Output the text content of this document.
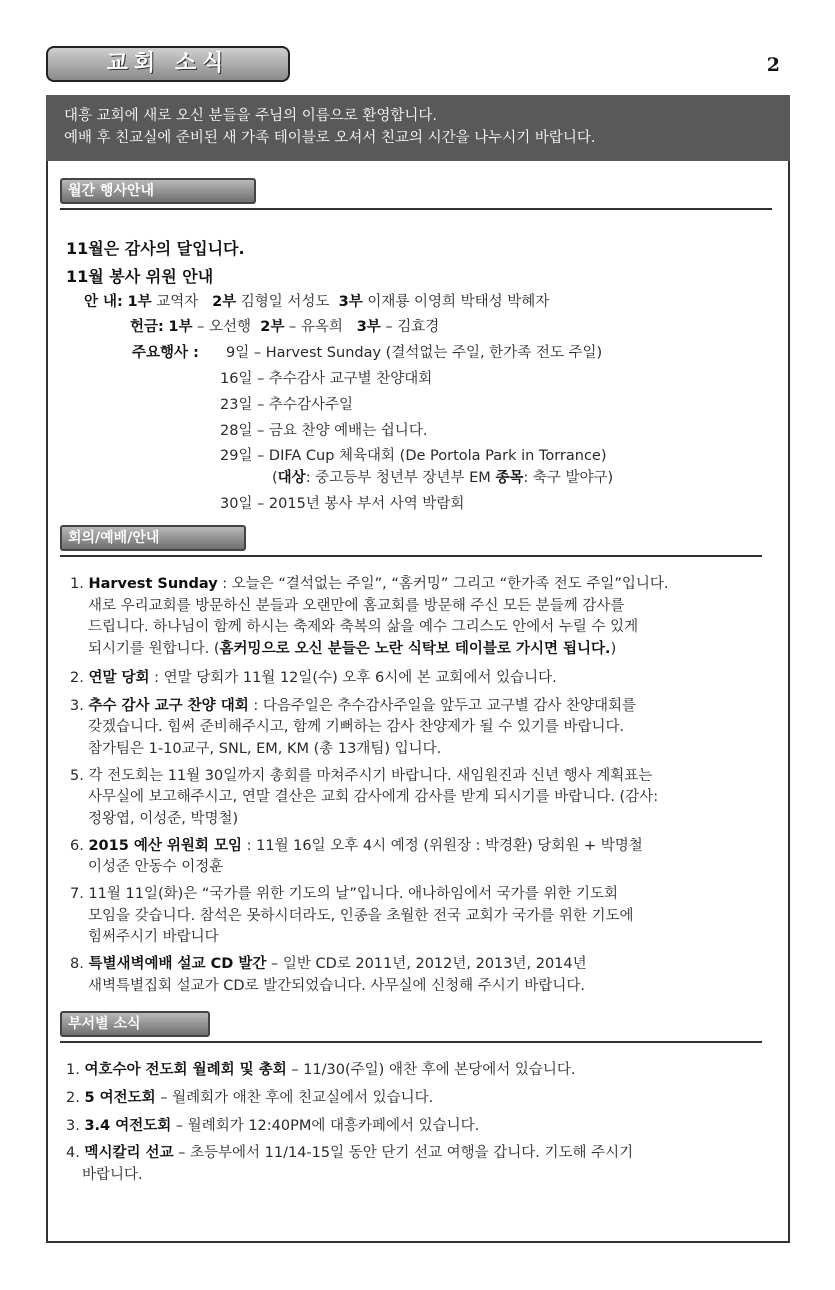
교회 소식	2
대흥 교회에 새로 오신 분들을 주님의 이름으로 환영합니다.
예배 후 친교실에 준비된 새 가족 테이블로 오셔서 친교의 시간을 나누시기 바랍니다.
월간 행사안내
11월은 감사의 달입니다.
11월 봉사 위원 안내
안 내: 1부 교역자 2부 김형일 서성도 3부 이재룡 이영희 박태성 박혜자
헌금: 1부 – 오선행 2부 – 유옥희 3부 – 김효경
주요행사 : 9일 – Harvest Sunday (결석없는 주일, 한가족 전도 주일)
16일 – 추수감사 교구별 찬양대회
23일 – 추수감사주일
28일 – 금요 찬양 예배는 쉽니다.
29일 – DIFA Cup 체육대회 (De Portola Park in Torrance)
(대상: 중고등부 청년부 장년부 EM 종목: 축구 발야구)
30일 – 2015년 봉사 부서 사역 박람회
회의/예배/안내
1. Harvest Sunday : 오늘은 “결석없는 주일”, “홈커밍” 그리고 “한가족 전도 주일”입니다.
새로 우리교회를 방문하신 분들과 오랜만에 홈교회를 방문해 주신 모든 분들께 감사를
드립니다. 하나님이 함께 하시는 축제와 축복의 삶을 예수 그리스도 안에서 누릴 수 있게
되시기를 원합니다. (홈커밍으로 오신 분들은 노란 식탁보 테이블로 가시면 됩니다.)
2. 연말 당회 : 연말 당회가 11월 12일(수) 오후 6시에 본 교회에서 있습니다.
3. 추수 감사 교구 찬양 대회 : 다음주일은 추수감사주일을 앞두고 교구별 감사 찬양대회를
갖겠습니다. 힘써 준비해주시고, 함께 기뻐하는 감사 찬양제가 될 수 있기를 바랍니다.
참가팀은 1-10교구, SNL, EM, KM (총 13개팀) 입니다.
5. 각 전도회는 11월 30일까지 총회를 마쳐주시기 바랍니다. 새임원진과 신년 행사 계획표는
사무실에 보고해주시고, 연말 결산은 교회 감사에게 감사를 받게 되시기를 바랍니다. (감사:
정왕엽, 이성준, 박명철)
6. 2015 예산 위원회 모임 : 11월 16일 오후 4시 예정 (위원장 : 박경환) 당회원 + 박명철
이성준 안동수 이정훈
7. 11월 11일(화)은 “국가를 위한 기도의 날”입니다. 애나하임에서 국가를 위한 기도회
모임을 갖습니다. 참석은 못하시더라도, 인종을 초월한 전국 교회가 국가를 위한 기도에
힘써주시기 바랍니다
8. 특별새벽예배 설교 CD 발간 – 일반 CD로 2011년, 2012년, 2013년, 2014년
새벽특별집회 설교가 CD로 발간되었습니다. 사무실에 신청해 주시기 바랍니다.
부서별 소식
1. 여호수아 전도회 월례회 및 총회 – 11/30(주일) 애찬 후에 본당에서 있습니다.
2. 5 여전도회 – 월례회가 애찬 후에 친교실에서 있습니다.
3. 3.4 여전도회 – 월례회가 12:40PM에 대흥카페에서 있습니다.
4. 멕시칼리 선교 – 초등부에서 11/14-15일 동안 단기 선교 여행을 갑니다. 기도해 주시기
바랍니다.
